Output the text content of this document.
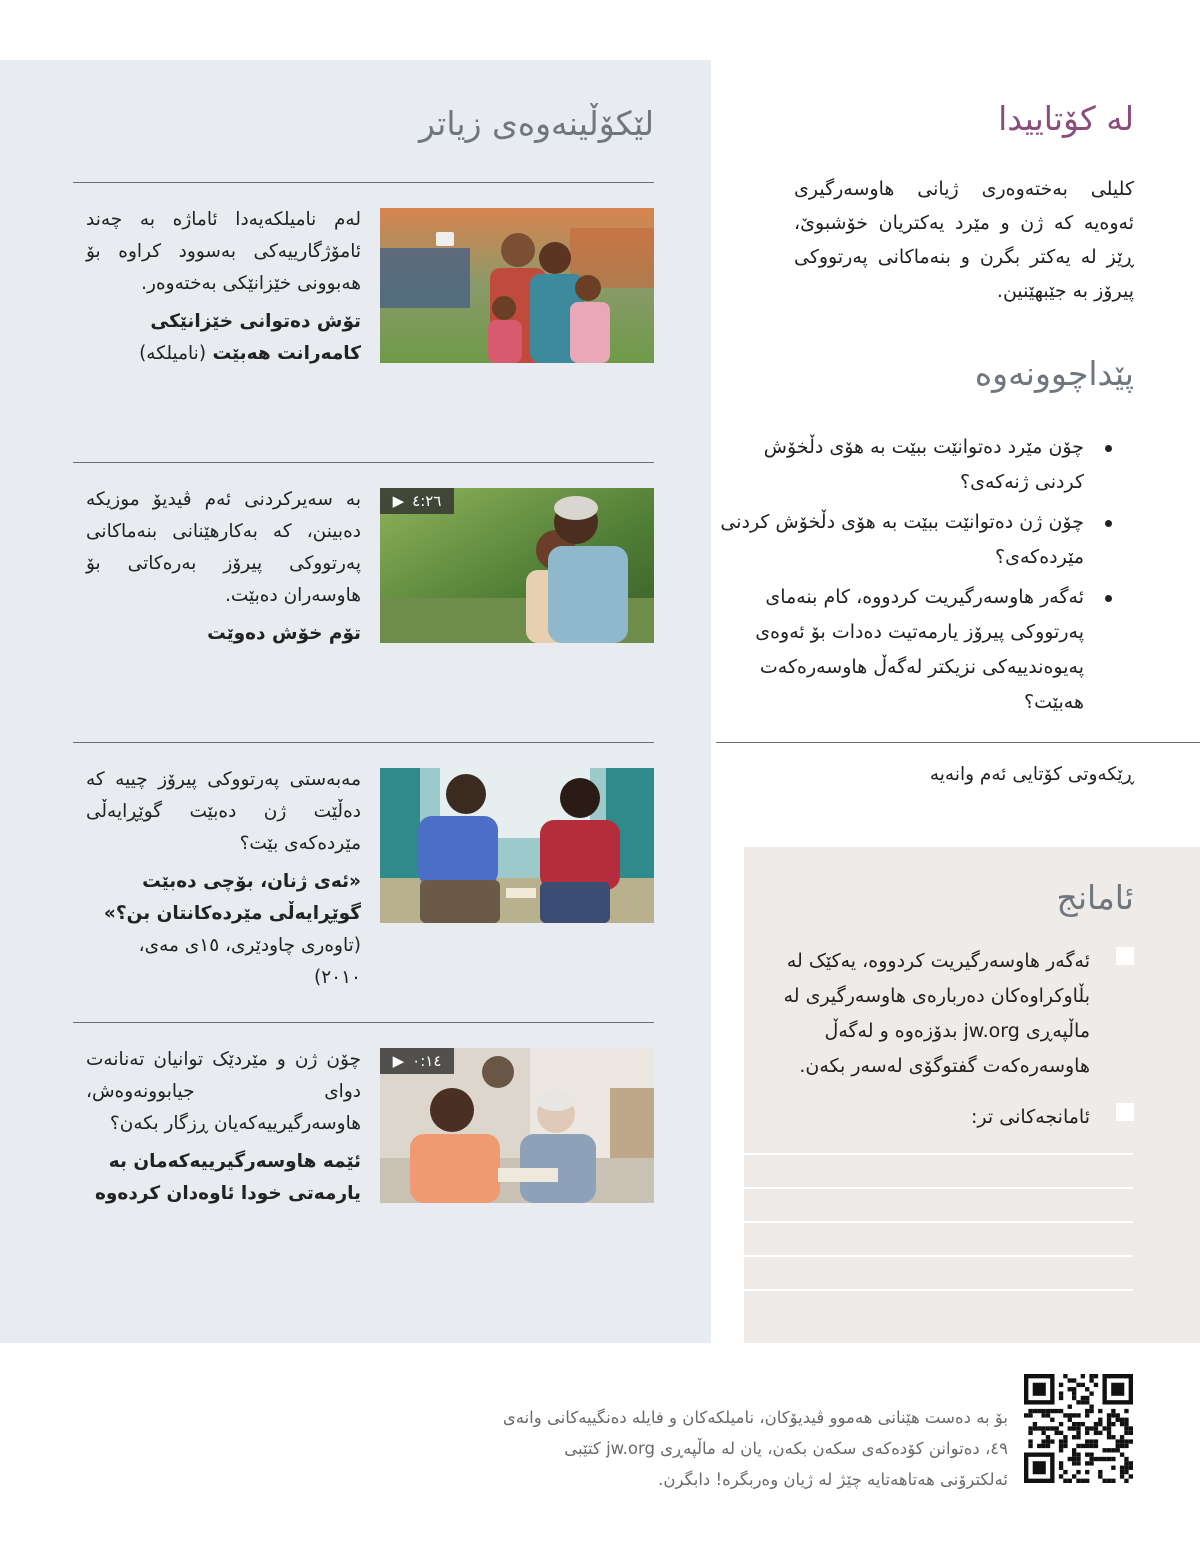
لێکۆڵینەوەی زیاتر

لەم نامیلکەیەدا ئاماژە بە چەند ئامۆژگارییەکی بەسوود کراوە بۆ هەبوونی خێزانێکی بەختەوەر.

تۆش دەتوانی خێزانێکی کامەرانت هەبێت (نامیلکە)

▶ ٤:٢٦

بە سەیرکردنی ئەم ڤیدیۆ موزیکە دەبینن، کە بەکارهێنانی بنەماکانی پەرتووکی پیرۆز بەرەکاتی بۆ هاوسەران دەبێت.

تۆم خۆش دەوێت

مەبەستی پەرتووکی پیرۆز چییە کە دەڵێت ژن دەبێت گوێڕایەڵی مێردەکەی بێت؟

«ئەی ژنان، بۆچی دەبێت گوێڕایەڵی مێردەکانتان بن؟»

(تاوەری چاودێری، ١٥ی مەی، ٢٠١٠)

▶ ٠:١٤

چۆن ژن و مێردێک توانیان تەنانەت دوای جیابوونەوەش، هاوسەرگیرییەکەیان ڕزگار بکەن؟

ئێمە هاوسەرگیرییەکەمان بە یارمەتی خودا ئاوەدان کردەوە

لە کۆتاییدا

کلیلی بەختەوەری ژیانی هاوسەرگیری ئەوەیە کە ژن و مێرد یەکتریان خۆشبوێ، ڕێز لە یەکتر بگرن و بنەماکانی پەرتووکی پیرۆز بە جێبهێنین.

پێداچوونەوە
چۆن مێرد دەتوانێت ببێت بە هۆی دڵخۆش کردنی ژنەکەی؟
چۆن ژن دەتوانێت ببێت بە هۆی دڵخۆش کردنی مێردەکەی؟
ئەگەر هاوسەرگیریت کردووە، کام بنەمای پەرتووکی پیرۆز یارمەتیت دەدات بۆ ئەوەی پەیوەندییەکی نزیکتر لەگەڵ هاوسەرەکەت هەبێت؟

ڕێکەوتی کۆتایی ئەم وانەیە

ئامانج

ئەگەر هاوسەرگیریت کردووە، یەکێک لە بڵاوکراوەکان دەربارەی هاوسەرگیری لە ماڵپەڕی jw.org بدۆزەوە و لەگەڵ هاوسەرەکەت گفتوگۆی لەسەر بکەن.

ئامانجەکانی تر:

بۆ بە دەست هێنانی هەموو ڤیدیۆکان، نامیلکەکان و فایلە دەنگییەکانی وانەی ٤٩، دەتوانن کۆدەکەی سکەن بکەن، یان لە ماڵپەڕی jw.org کتێبی ئەلکترۆنی هەتاهەتایە چێژ لە ژیان وەربگرە! دابگرن.
